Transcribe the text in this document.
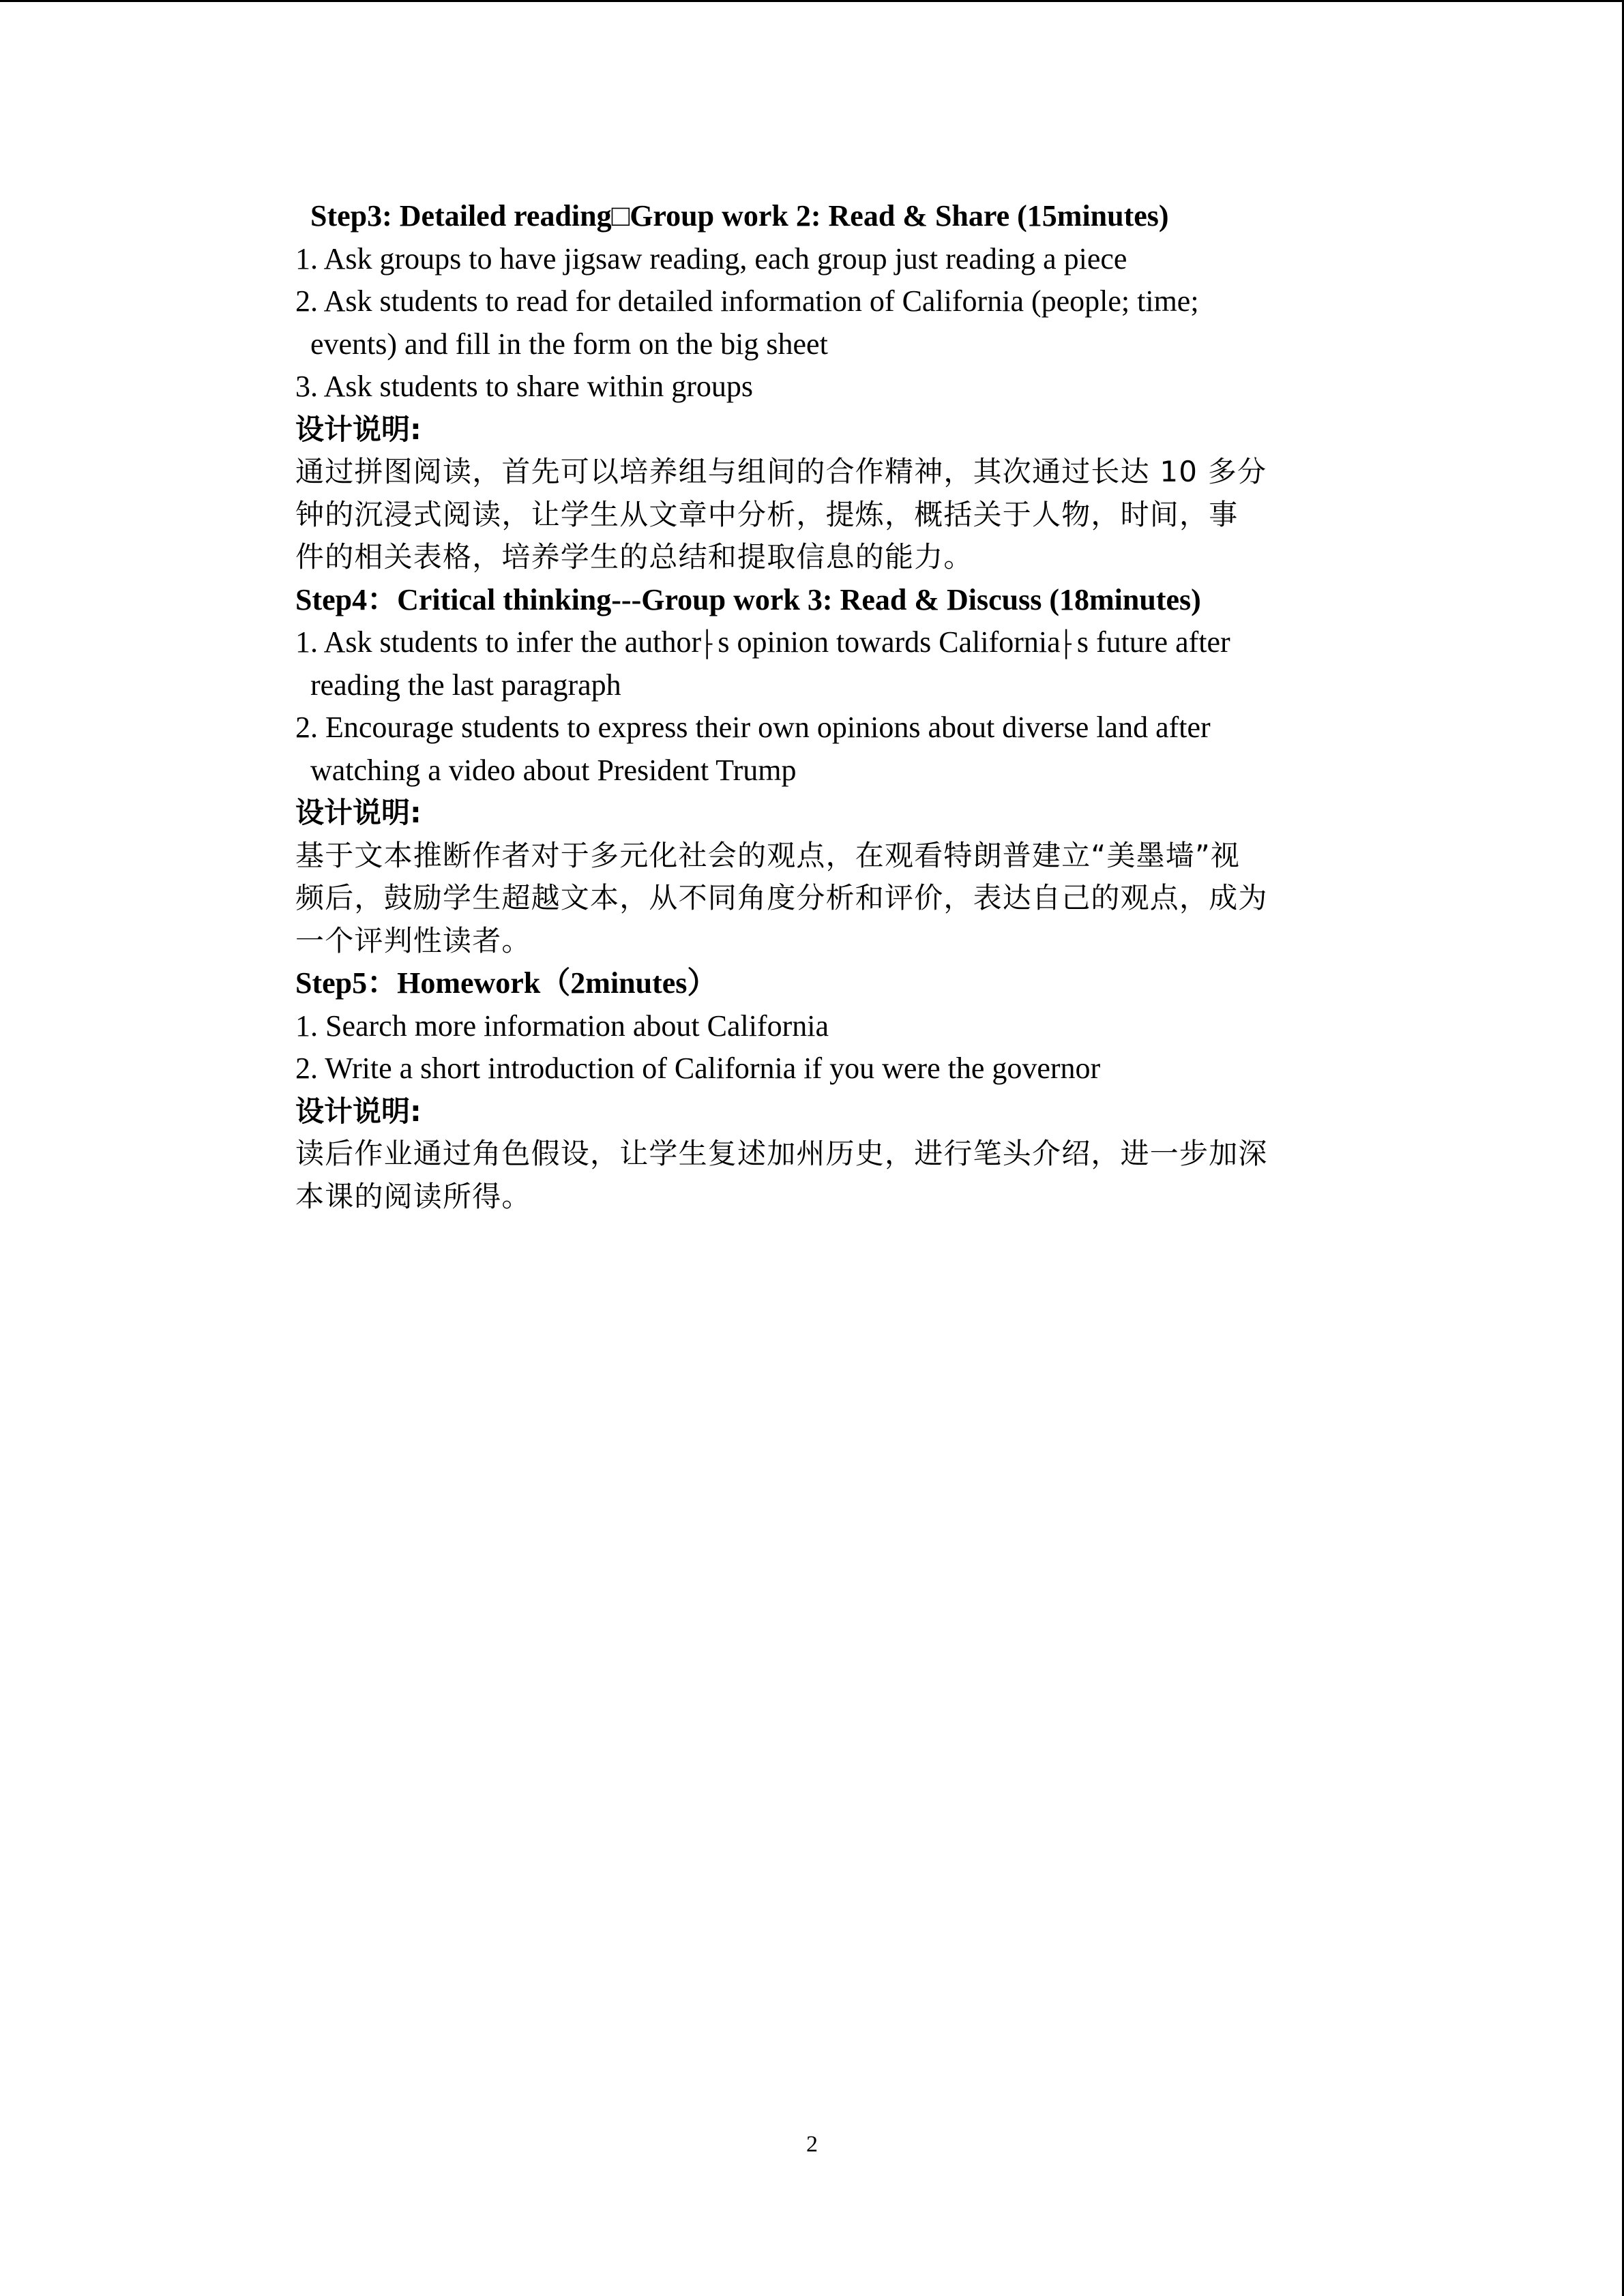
Step3: Detailed reading□Group work 2: Read & Share (15minutes)
1. Ask groups to have jigsaw reading, each group just reading a piece
2. Ask students to read for detailed information of California (people; time;
events) and fill in the form on the big sheet
3. Ask students to share within groups
设计说明:
通过拼图阅读，首先可以培养组与组间的合作精神，其次通过长达 10 多分
钟的沉浸式阅读，让学生从文章中分析，提炼，概括关于人物，时间，事
件的相关表格，培养学生的总结和提取信息的能力。
Step4：Critical thinking---Group work 3: Read & Discuss (18minutes)
1. Ask students to infer the author⸠s opinion towards California⸠s future after
reading the last paragraph
2. Encourage students to express their own opinions about diverse land after
watching a video about President Trump
设计说明:
基于文本推断作者对于多元化社会的观点，在观看特朗普建立“美墨墙”视
频后，鼓励学生超越文本，从不同角度分析和评价，表达自己的观点，成为
一个评判性读者。
Step5：Homework（2minutes）
1. Search more information about California
2. Write a short introduction of California if you were the governor
设计说明:
读后作业通过角色假设，让学生复述加州历史，进行笔头介绍，进一步加深
本课的阅读所得。
2
